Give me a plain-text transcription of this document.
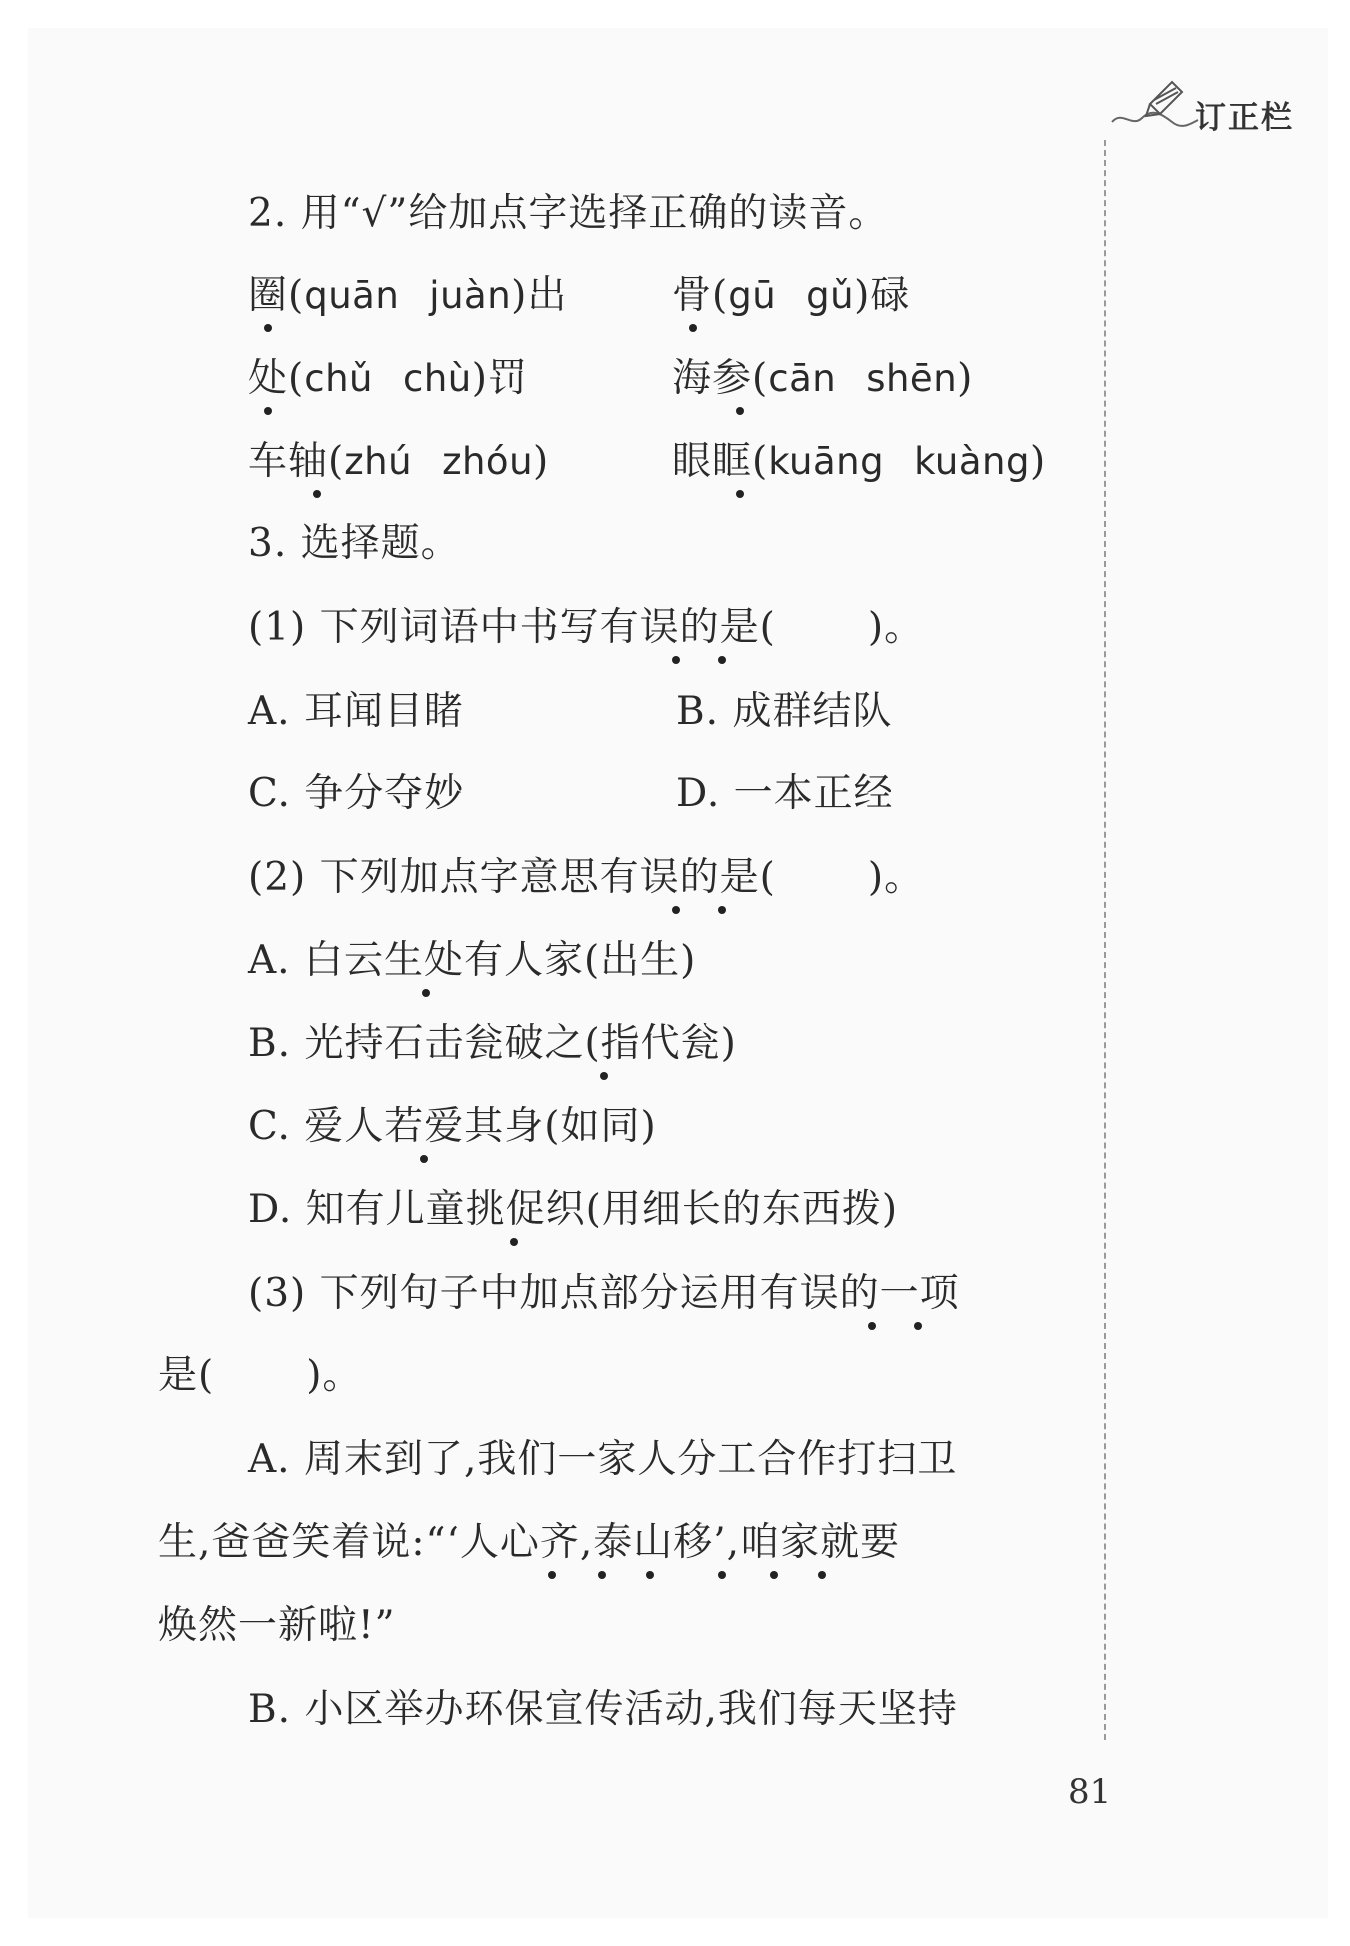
订正栏
2. 用“√”给加点字选择正确的读音。
圈(quān juàn)出	骨(gū gǔ)碌
处(chǔ chù)罚	海参(cān shēn)
车轴(zhú zhóu)	眼眶(kuāng kuàng)
3. 选择题。
(1) 下列词语中书写有误的是( )。
A. 耳闻目睹	B. 成群结队
C. 争分夺妙	D. 一本正经
(2) 下列加点字意思有误的是( )。
A. 白云生处有人家(出生)
B. 光持石击瓮破之(指代瓮)
C. 爱人若爱其身(如同)
D. 知有儿童挑促织(用细长的东西拨)
(3) 下列句子中加点部分运用有误的一项
是( )。
A. 周末到了,我们一家人分工合作打扫卫
生,爸爸笑着说:“‘人心齐,泰山移’,咱家就要
焕然一新啦!”
B. 小区举办环保宣传活动,我们每天坚持
81
